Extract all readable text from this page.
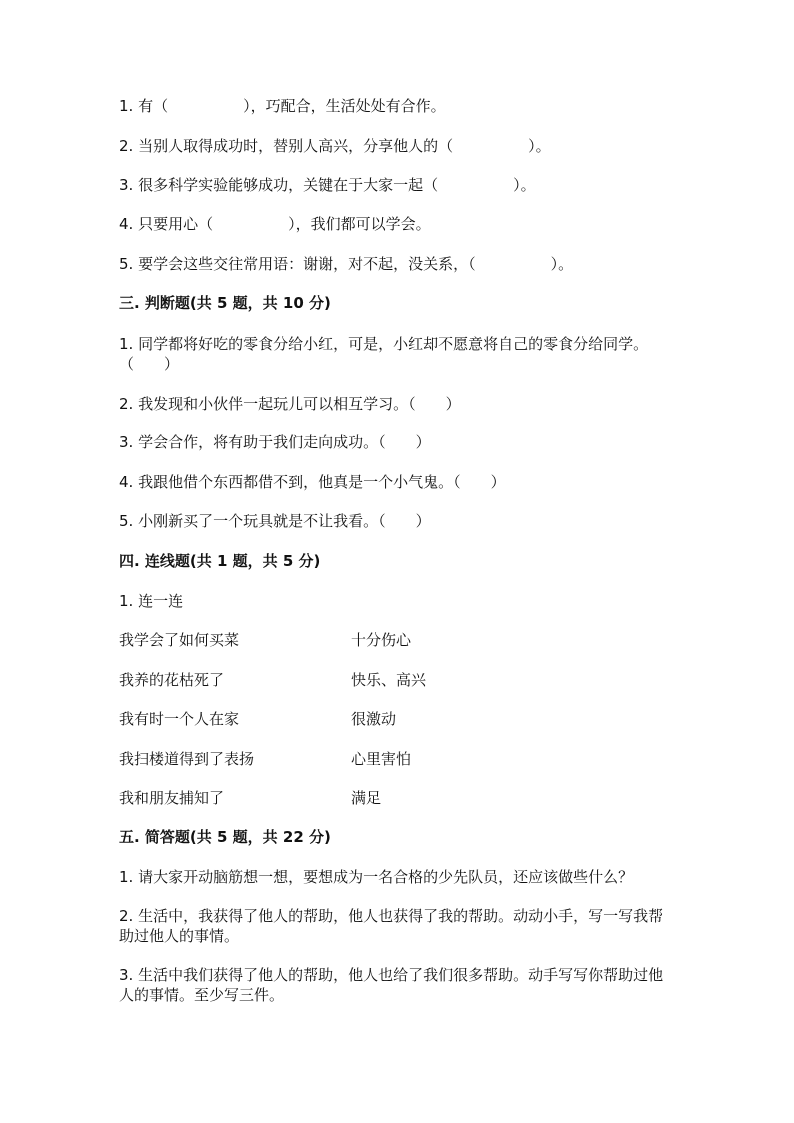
1. 有（　　　　　），巧配合，生活处处有合作。
2. 当别人取得成功时，替别人高兴，分享他人的（　　　　　）。
3. 很多科学实验能够成功，关键在于大家一起（　　　　　）。
4. 只要用心（　　　　　），我们都可以学会。
5. 要学会这些交往常用语：谢谢，对不起，没关系，（　　　　　）。
三. 判断题(共 5 题，共 10 分)
1. 同学都将好吃的零食分给小红，可是，小红却不愿意将自己的零食分给同学。（　　）
2. 我发现和小伙伴一起玩儿可以相互学习。（　　）
3. 学会合作，将有助于我们走向成功。（　　）
4. 我跟他借个东西都借不到，他真是一个小气鬼。（　　）
5. 小刚新买了一个玩具就是不让我看。（　　）
四. 连线题(共 1 题，共 5 分)
1. 连一连
我学会了如何买菜	十分伤心
我养的花枯死了	快乐、高兴
我有时一个人在家	很激动
我扫楼道得到了表扬	心里害怕
我和朋友捕知了	满足
五. 简答题(共 5 题，共 22 分)
1. 请大家开动脑筋想一想，要想成为一名合格的少先队员，还应该做些什么？
2. 生活中，我获得了他人的帮助，他人也获得了我的帮助。动动小手，写一写我帮助过他人的事情。
3. 生活中我们获得了他人的帮助，他人也给了我们很多帮助。动手写写你帮助过他人的事情。至少写三件。
